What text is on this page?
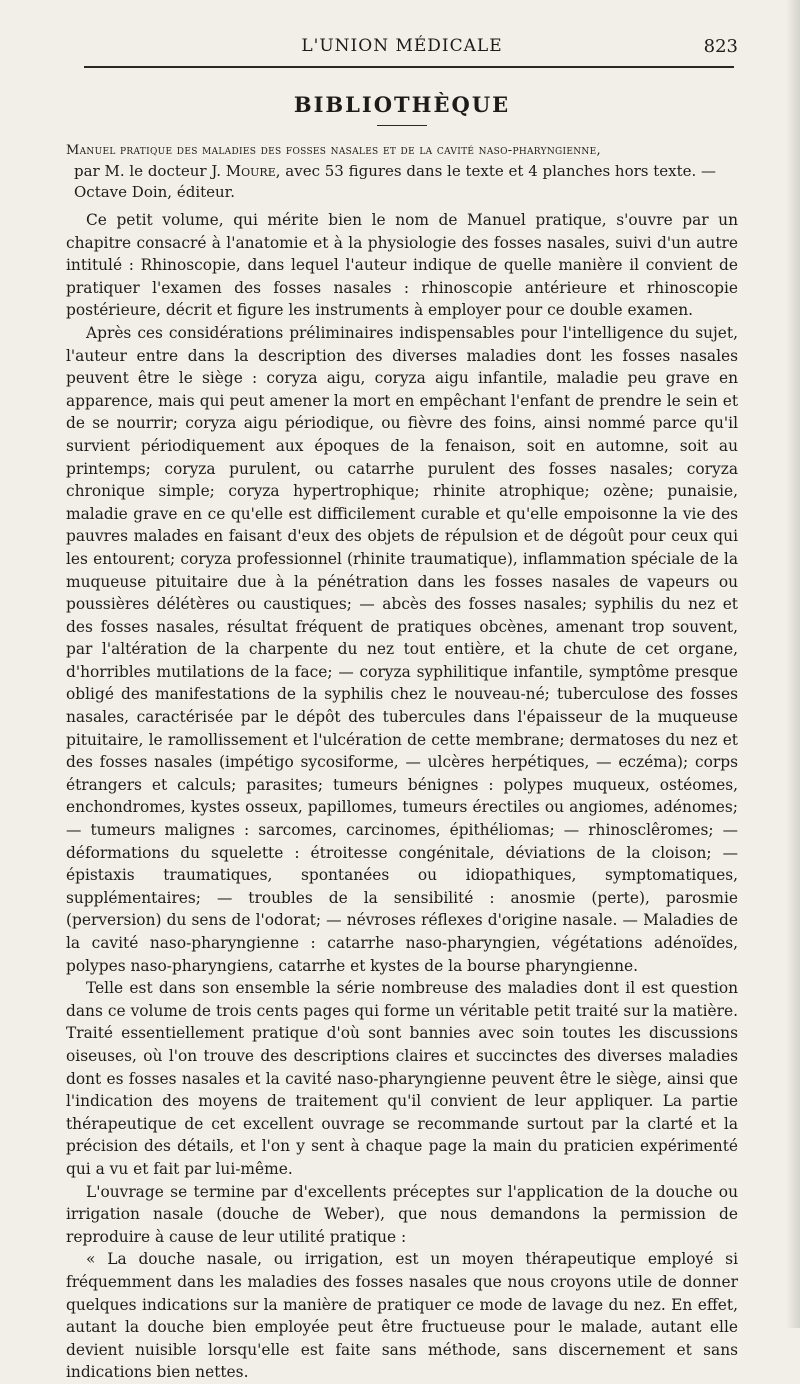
L'UNION MÉDICALE	823
BIBLIOTHÈQUE
Manuel pratique des maladies des fosses nasales et de la cavité naso-pharyngienne,
par M. le docteur J. Moure, avec 53 figures dans le texte et 4 planches hors texte. —
Octave Doin, éditeur.

Ce petit volume, qui mérite bien le nom de Manuel pratique, s'ouvre par un chapitre consacré à l'anatomie et à la physiologie des fosses nasales, suivi d'un autre intitulé : Rhinoscopie, dans lequel l'auteur indique de quelle manière il convient de pratiquer l'examen des fosses nasales : rhinoscopie antérieure et rhinoscopie postérieure, décrit et figure les instruments à employer pour ce double examen.

Après ces considérations préliminaires indispensables pour l'intelligence du sujet, l'auteur entre dans la description des diverses maladies dont les fosses nasales peuvent être le siège : coryza aigu, coryza aigu infantile, maladie peu grave en apparence, mais qui peut amener la mort en empêchant l'enfant de prendre le sein et de se nourrir; coryza aigu périodique, ou fièvre des foins, ainsi nommé parce qu'il survient périodiquement aux époques de la fenaison, soit en automne, soit au printemps; coryza purulent, ou catarrhe purulent des fosses nasales; coryza chronique simple; coryza hypertrophique; rhinite atrophique; ozène; punaisie, maladie grave en ce qu'elle est difficilement curable et qu'elle empoisonne la vie des pauvres malades en faisant d'eux des objets de répulsion et de dégoût pour ceux qui les entourent; coryza professionnel (rhinite traumatique), inflammation spéciale de la muqueuse pituitaire due à la pénétration dans les fosses nasales de vapeurs ou poussières délétères ou caustiques; — abcès des fosses nasales; syphilis du nez et des fosses nasales, résultat fréquent de pratiques obcènes, amenant trop souvent, par l'altération de la charpente du nez tout entière, et la chute de cet organe, d'horribles mutilations de la face; — coryza syphilitique infantile, symptôme presque obligé des manifestations de la syphilis chez le nouveau-né; tuberculose des fosses nasales, caractérisée par le dépôt des tubercules dans l'épaisseur de la muqueuse pituitaire, le ramollissement et l'ulcération de cette membrane; dermatoses du nez et des fosses nasales (impétigo sycosiforme, — ulcères herpétiques, — eczéma); corps étrangers et calculs; parasites; tumeurs bénignes : polypes muqueux, ostéomes, enchondromes, kystes osseux, papillomes, tumeurs érectiles ou angiomes, adénomes; — tumeurs malignes : sarcomes, carcinomes, épithéliomas; — rhinosclêromes; — déformations du squelette : étroitesse congénitale, déviations de la cloison; — épistaxis traumatiques, spontanées ou idiopathiques, symptomatiques, supplémentaires; — troubles de la sensibilité : anosmie (perte), parosmie (perversion) du sens de l'odorat; — névroses réflexes d'origine nasale. — Maladies de la cavité naso-pharyngienne : catarrhe naso-pharyngien, végétations adénoïdes, polypes naso-pharyngiens, catarrhe et kystes de la bourse pharyngienne.

Telle est dans son ensemble la série nombreuse des maladies dont il est question dans ce volume de trois cents pages qui forme un véritable petit traité sur la matière. Traité essentiellement pratique d'où sont bannies avec soin toutes les discussions oiseuses, où l'on trouve des descriptions claires et succinctes des diverses maladies dont es fosses nasales et la cavité naso-pharyngienne peuvent être le siège, ainsi que l'indication des moyens de traitement qu'il convient de leur appliquer. La partie thérapeutique de cet excellent ouvrage se recommande surtout par la clarté et la précision des détails, et l'on y sent à chaque page la main du praticien expérimenté qui a vu et fait par lui-même.

L'ouvrage se termine par d'excellents préceptes sur l'application de la douche ou irrigation nasale (douche de Weber), que nous demandons la permission de reproduire à cause de leur utilité pratique :

« La douche nasale, ou irrigation, est un moyen thérapeutique employé si fréquemment dans les maladies des fosses nasales que nous croyons utile de donner quelques indications sur la manière de pratiquer ce mode de lavage du nez. En effet, autant la douche bien employée peut être fructueuse pour le malade, autant elle devient nuisible lorsqu'elle est faite sans méthode, sans discernement et sans indications bien nettes.
